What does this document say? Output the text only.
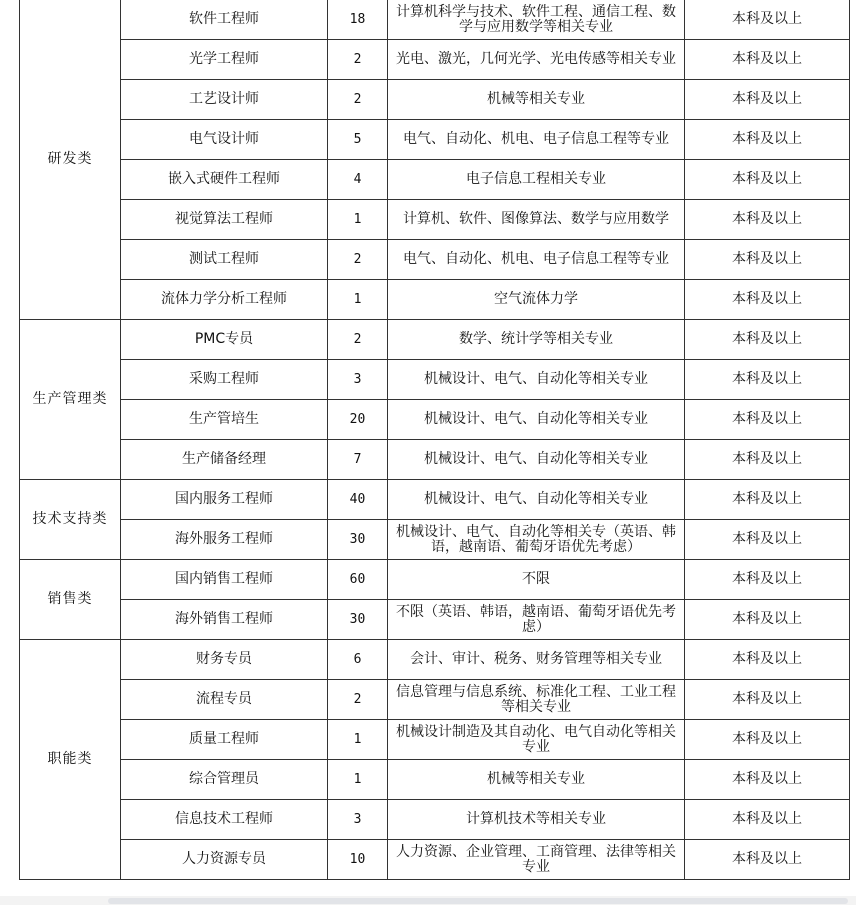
研发类	软件工程师	18	计算机科学与技术、软件工程、通信工程、数学与应用数学等相关专业	本科及以上
	光学工程师	2	光电、激光，几何光学、光电传感等相关专业	本科及以上
	工艺设计师	2	机械等相关专业	本科及以上
	电气设计师	5	电气、自动化、机电、电子信息工程等专业	本科及以上
	嵌入式硬件工程师	4	电子信息工程相关专业	本科及以上
	视觉算法工程师	1	计算机、软件、图像算法、数学与应用数学	本科及以上
	测试工程师	2	电气、自动化、机电、电子信息工程等专业	本科及以上
	流体力学分析工程师	1	空气流体力学	本科及以上
生产管理类	PMC专员	2	数学、统计学等相关专业	本科及以上
	采购工程师	3	机械设计、电气、自动化等相关专业	本科及以上
	生产管培生	20	机械设计、电气、自动化等相关专业	本科及以上
	生产储备经理	7	机械设计、电气、自动化等相关专业	本科及以上
技术支持类	国内服务工程师	40	机械设计、电气、自动化等相关专业	本科及以上
	海外服务工程师	30	机械设计、电气、自动化等相关专（英语、韩语，越南语、葡萄牙语优先考虑）	本科及以上
销售类	国内销售工程师	60	不限	本科及以上
	海外销售工程师	30	不限（英语、韩语，越南语、葡萄牙语优先考虑）	本科及以上
职能类	财务专员	6	会计、审计、税务、财务管理等相关专业	本科及以上
	流程专员	2	信息管理与信息系统、标准化工程、工业工程等相关专业	本科及以上
	质量工程师	1	机械设计制造及其自动化、电气自动化等相关专业	本科及以上
	综合管理员	1	机械等相关专业	本科及以上
	信息技术工程师	3	计算机技术等相关专业	本科及以上
	人力资源专员	10	人力资源、企业管理、工商管理、法律等相关专业	本科及以上
